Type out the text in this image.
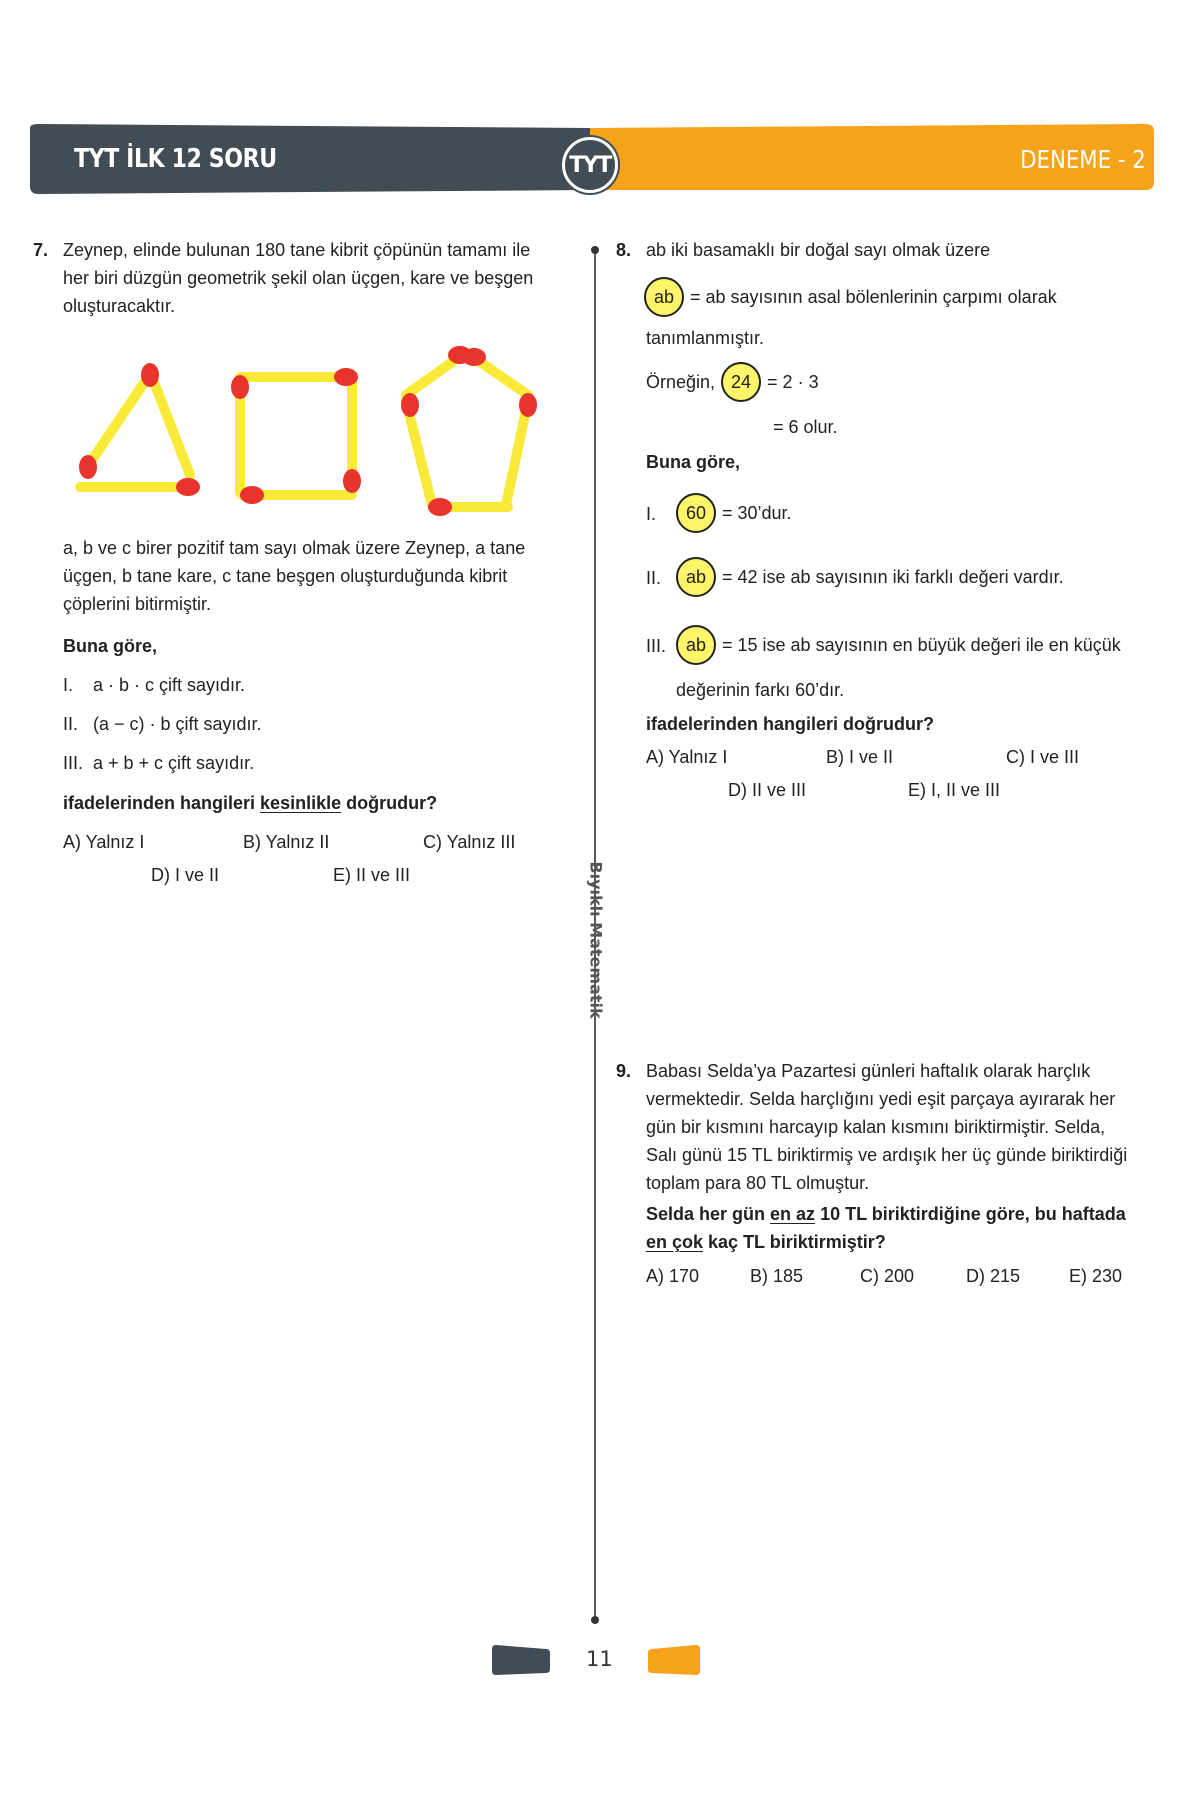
TYT İLK 12 SORU	TYT	DENEME - 2
Bıyıklı Matematik
7. Zeynep, elinde bulunan 180 tane kibrit çöpünün tamamı ile
her biri düzgün geometrik şekil olan üçgen, kare ve beşgen
oluşturacaktır.
a, b ve c birer pozitif tam sayı olmak üzere Zeynep, a tane
üçgen, b tane kare, c tane beşgen oluşturduğunda kibrit
çöplerini bitirmiştir.
Buna göre,
I. a · b · c çift sayıdır.
II. (a − c) · b çift sayıdır.
III. a + b + c çift sayıdır.
ifadelerinden hangileri kesinlikle doğrudur?
A) Yalnız I	B) Yalnız II	C) Yalnız III
D) I ve II	E) II ve III
8. ab iki basamaklı bir doğal sayı olmak üzere
ab = ab sayısının asal bölenlerinin çarpımı olarak
tanımlanmıştır.
Örneğin, 24 = 2 · 3
= 6 olur.
Buna göre,
I.	60 = 30’dur.
II.	ab = 42 ise ab sayısının iki farklı değeri vardır.
III.	ab = 15 ise ab sayısının en büyük değeri ile en küçük
değerinin farkı 60’dır.
ifadelerinden hangileri doğrudur?
A) Yalnız I	B) I ve II	C) I ve III
D) II ve III	E) I, II ve III
9. Babası Selda’ya Pazartesi günleri haftalık olarak harçlık
vermektedir. Selda harçlığını yedi eşit parçaya ayırarak her
gün bir kısmını harcayıp kalan kısmını biriktirmiştir. Selda,
Salı günü 15 TL biriktirmiş ve ardışık her üç günde biriktirdiği
toplam para 80 TL olmuştur.
Selda her gün en az 10 TL biriktirdiğine göre, bu haftada
en çok kaç TL biriktirmiştir?
A) 170	B) 185	C) 200	D) 215	E) 230
11
